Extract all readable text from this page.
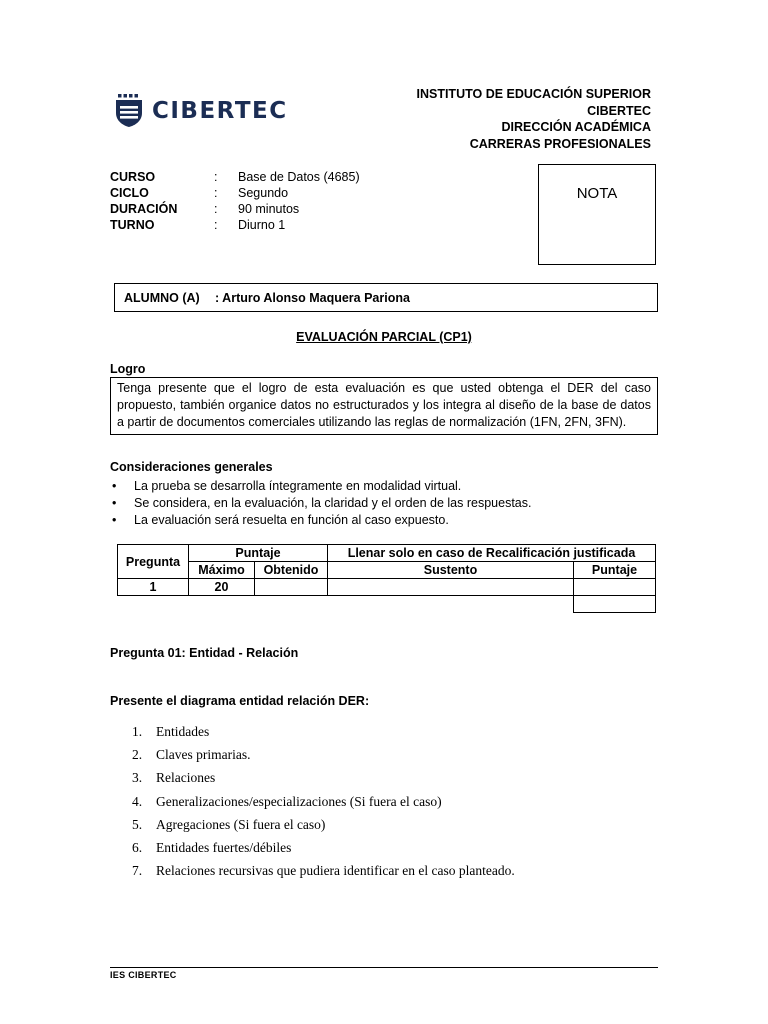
CIBERTEC
INSTITUTO DE EDUCACIÓN SUPERIOR
CIBERTEC
DIRECCIÓN ACADÉMICA
CARRERAS PROFESIONALES
CURSO	:	Base de Datos (4685)
CICLO	:	Segundo
DURACIÓN	:	90 minutos
TURNO	:	Diurno 1
NOTA
ALUMNO (A)	: Arturo Alonso Maquera Pariona
EVALUACIÓN PARCIAL (CP1)
Logro
Tenga presente que el logro de esta evaluación es que usted obtenga el DER del caso propuesto, también organice datos no estructurados y los integra al diseño de la base de datos a partir de documentos comerciales utilizando las reglas de normalización (1FN, 2FN, 3FN).
Consideraciones generales
•	La prueba se desarrolla íntegramente en modalidad virtual.
•	Se considera, en la evaluación, la claridad y el orden de las respuestas.
•	La evaluación será resuelta en función al caso expuesto.
Pregunta	Puntaje		Llenar solo en caso de Recalificación justificada	
	Máximo	Obtenido	Sustento	Puntaje
1	20			

Pregunta 01: Entidad - Relación
Presente el diagrama entidad relación DER:
1.	Entidades
2.	Claves primarias.
3.	Relaciones
4.	Generalizaciones/especializaciones (Si fuera el caso)
5.	Agregaciones (Si fuera el caso)
6.	Entidades fuertes/débiles
7.	Relaciones recursivas que pudiera identificar en el caso planteado.
IES CIBERTEC
